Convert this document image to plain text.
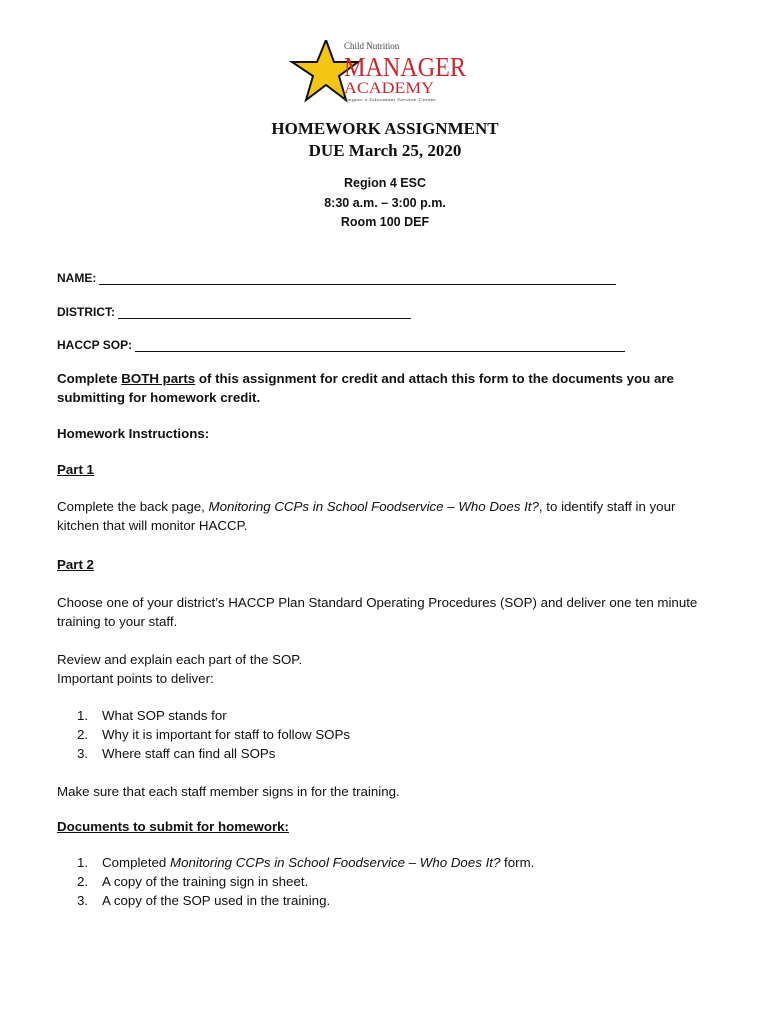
Child Nutrition
MANAGER
ACADEMY
Region 4 Education Service Center
HOMEWORK ASSIGNMENT
DUE March 25, 2020
Region 4 ESC
8:30 a.m. – 3:00 p.m.
Room 100 DEF
NAME:
DISTRICT:
HACCP SOP:
Complete BOTH parts of this assignment for credit and attach this form to the documents you are
submitting for homework credit.
Homework Instructions:
Part 1
Complete the back page, Monitoring CCPs in School Foodservice – Who Does It?, to identify staff in your
kitchen that will monitor HACCP.
Part 2
Choose one of your district’s HACCP Plan Standard Operating Procedures (SOP) and deliver one ten minute
training to your staff.
Review and explain each part of the SOP.
Important points to deliver:
1.	What SOP stands for
2.	Why it is important for staff to follow SOPs
3.	Where staff can find all SOPs
Make sure that each staff member signs in for the training.
Documents to submit for homework:
1.	Completed Monitoring CCPs in School Foodservice – Who Does It? form.
2.	A copy of the training sign in sheet.
3.	A copy of the SOP used in the training.
